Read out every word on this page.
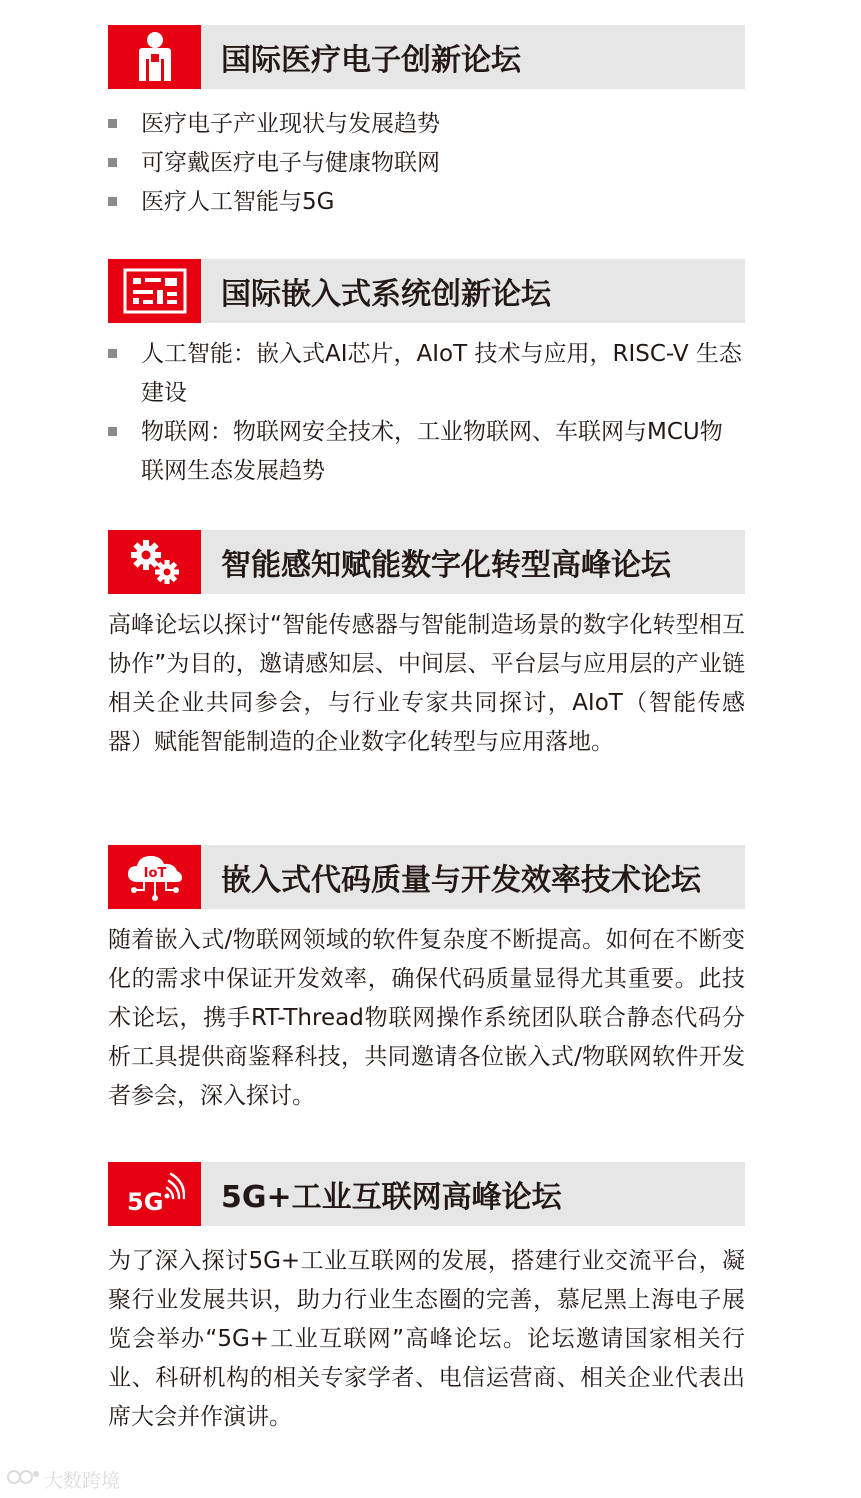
国际医疗电子创新论坛
医疗电子产业现状与发展趋势
可穿戴医疗电子与健康物联网
医疗人工智能与5G
国际嵌入式系统创新论坛
人工智能：嵌入式AI芯片，AIoT 技术与应用，RISC-V 生态建设
物联网：物联网安全技术，工业物联网、车联网与MCU物联网生态发展趋势
智能感知赋能数字化转型高峰论坛

高峰论坛以探讨“智能传感器与智能制造场景的数字化转型相互协作”为目的，邀请感知层、中间层、平台层与应用层的产业链相关企业共同参会，与行业专家共同探讨，AIoT（智能传感器）赋能智能制造的企业数字化转型与应用落地。

IoT 嵌入式代码质量与开发效率技术论坛

随着嵌入式/物联网领域的软件复杂度不断提高。如何在不断变化的需求中保证开发效率，确保代码质量显得尤其重要。此技术论坛，携手RT-Thread物联网操作系统团队联合静态代码分析工具提供商鉴释科技，共同邀请各位嵌入式/物联网软件开发者参会，深入探讨。

5G 5G+工业互联网高峰论坛

为了深入探讨5G+工业互联网的发展，搭建行业交流平台，凝聚行业发展共识，助力行业生态圈的完善，慕尼黑上海电子展览会举办“5G+工业互联网”高峰论坛。论坛邀请国家相关行业、科研机构的相关专家学者、电信运营商、相关企业代表出席大会并作演讲。

大数跨境
